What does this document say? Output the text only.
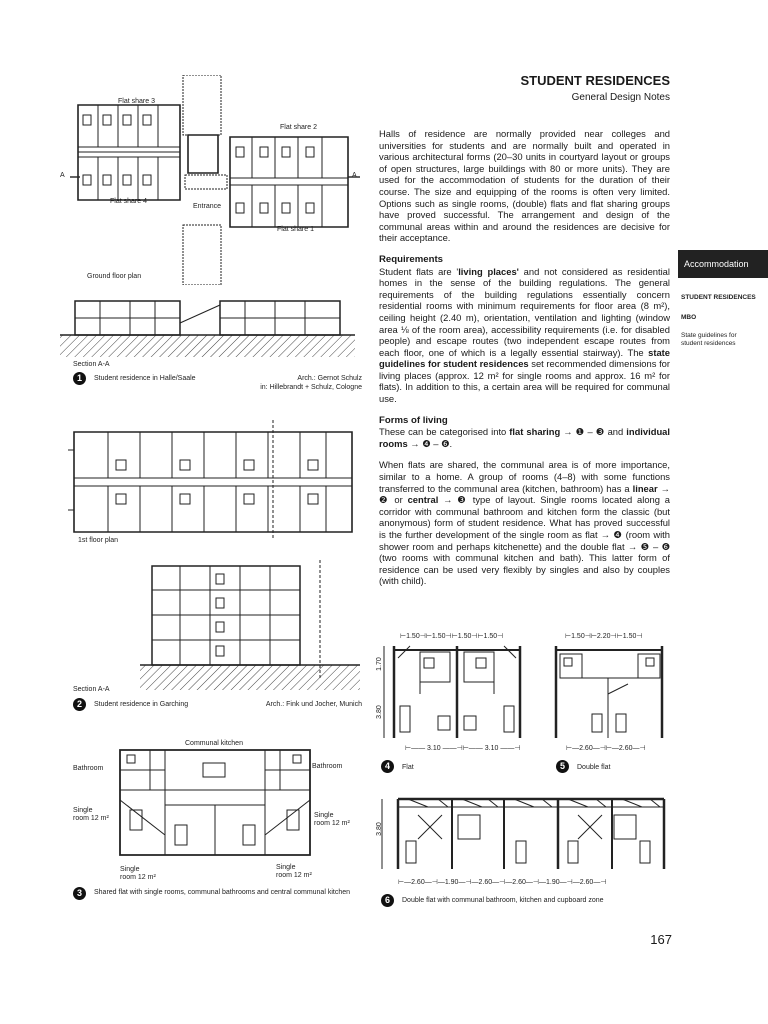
STUDENT RESIDENCES
General Design Notes

Halls of residence are normally provided near colleges and universities for students and are normally built and operated in various architectural forms (20–30 units in courtyard layout or groups of open structures, large buildings with 80 or more units). They are used for the accommodation of students for the duration of their course. The size and equipping of the rooms is often very limited. Options such as single rooms, (double) flats and flat sharing groups have proved successful. The arrangement and design of the communal areas within and around the residences are decisive for their acceptance.

Requirements

Student flats are 'living places' and not considered as residential homes in the sense of the building regulations. The general requirements of the building regulations essentially concern residential rooms with minimum requirements for floor area (8 m²), ceiling height (2.40 m), orientation, ventilation and lighting (window area ⅛ of the room area), accessibility requirements (i.e. for disabled people) and escape routes (two independent escape routes from each floor, one of which is a legally essential stairway). The state guidelines for student residences set recommended dimensions for living places (approx. 12 m² for single rooms and approx. 16 m² for flats). In addition to this, a certain area will be required for communal use.

Forms of living

These can be categorised into flat sharing → ❶ – ❸ and individual rooms → ❹ – ❻.

When flats are shared, the communal area is of more importance, similar to a home. A group of rooms (4–8) with some functions transferred to the communal area (kitchen, bathroom) has a linear → ❷ or central → ❸ type of layout. Single rooms located along a corridor with communal bathroom and kitchen form the classic (but anonymous) form of student residence. What has proved successful is the further development of the single room as flat → ❹ (room with shower room and perhaps kitchenette) and the double flat → ❺ – ❻ (two rooms with communal kitchen and bath). This latter form of residence can be used very flexibly by singles and also by couples (with child).

Accommodation
STUDENT RESIDENCES
MBO
State guidelines for student residences
Flat share 3
Flat share 2
Flat share 4
Entrance
Flat share 1
A	A
Ground floor plan
Section A-A
1	Student residence in Halle/Saale	Arch.: Gernot Schulz
in: Hillebrandt + Schulz, Cologne
1st floor plan
Section A-A
2	Student residence in Garching	Arch.: Fink und Jocher, Munich
Communal kitchen
Bathroom	Bathroom
Single
room 12 m²	Single
room 12 m²
Single
room 12 m²
Single
room 12 m²
3	Shared flat with single rooms, communal bathrooms and central communal kitchen
⊢1.50⊣⊢1.50⊣⊢1.50⊣⊢1.50⊣
1.70
3.80
⊢—— 3.10 ——⊣⊢—— 3.10 ——⊣
4	Flat
⊢1.50⊣⊢2.20⊣⊢1.50⊣
⊢—2.60—⊣⊢—2.60—⊣
5	Double flat
3.80
⊢—2.60—⊣—1.90—⊣—2.60—⊣—2.60—⊣—1.90—⊣—2.60—⊣
6	Double flat with communal bathroom, kitchen and cupboard zone
167
